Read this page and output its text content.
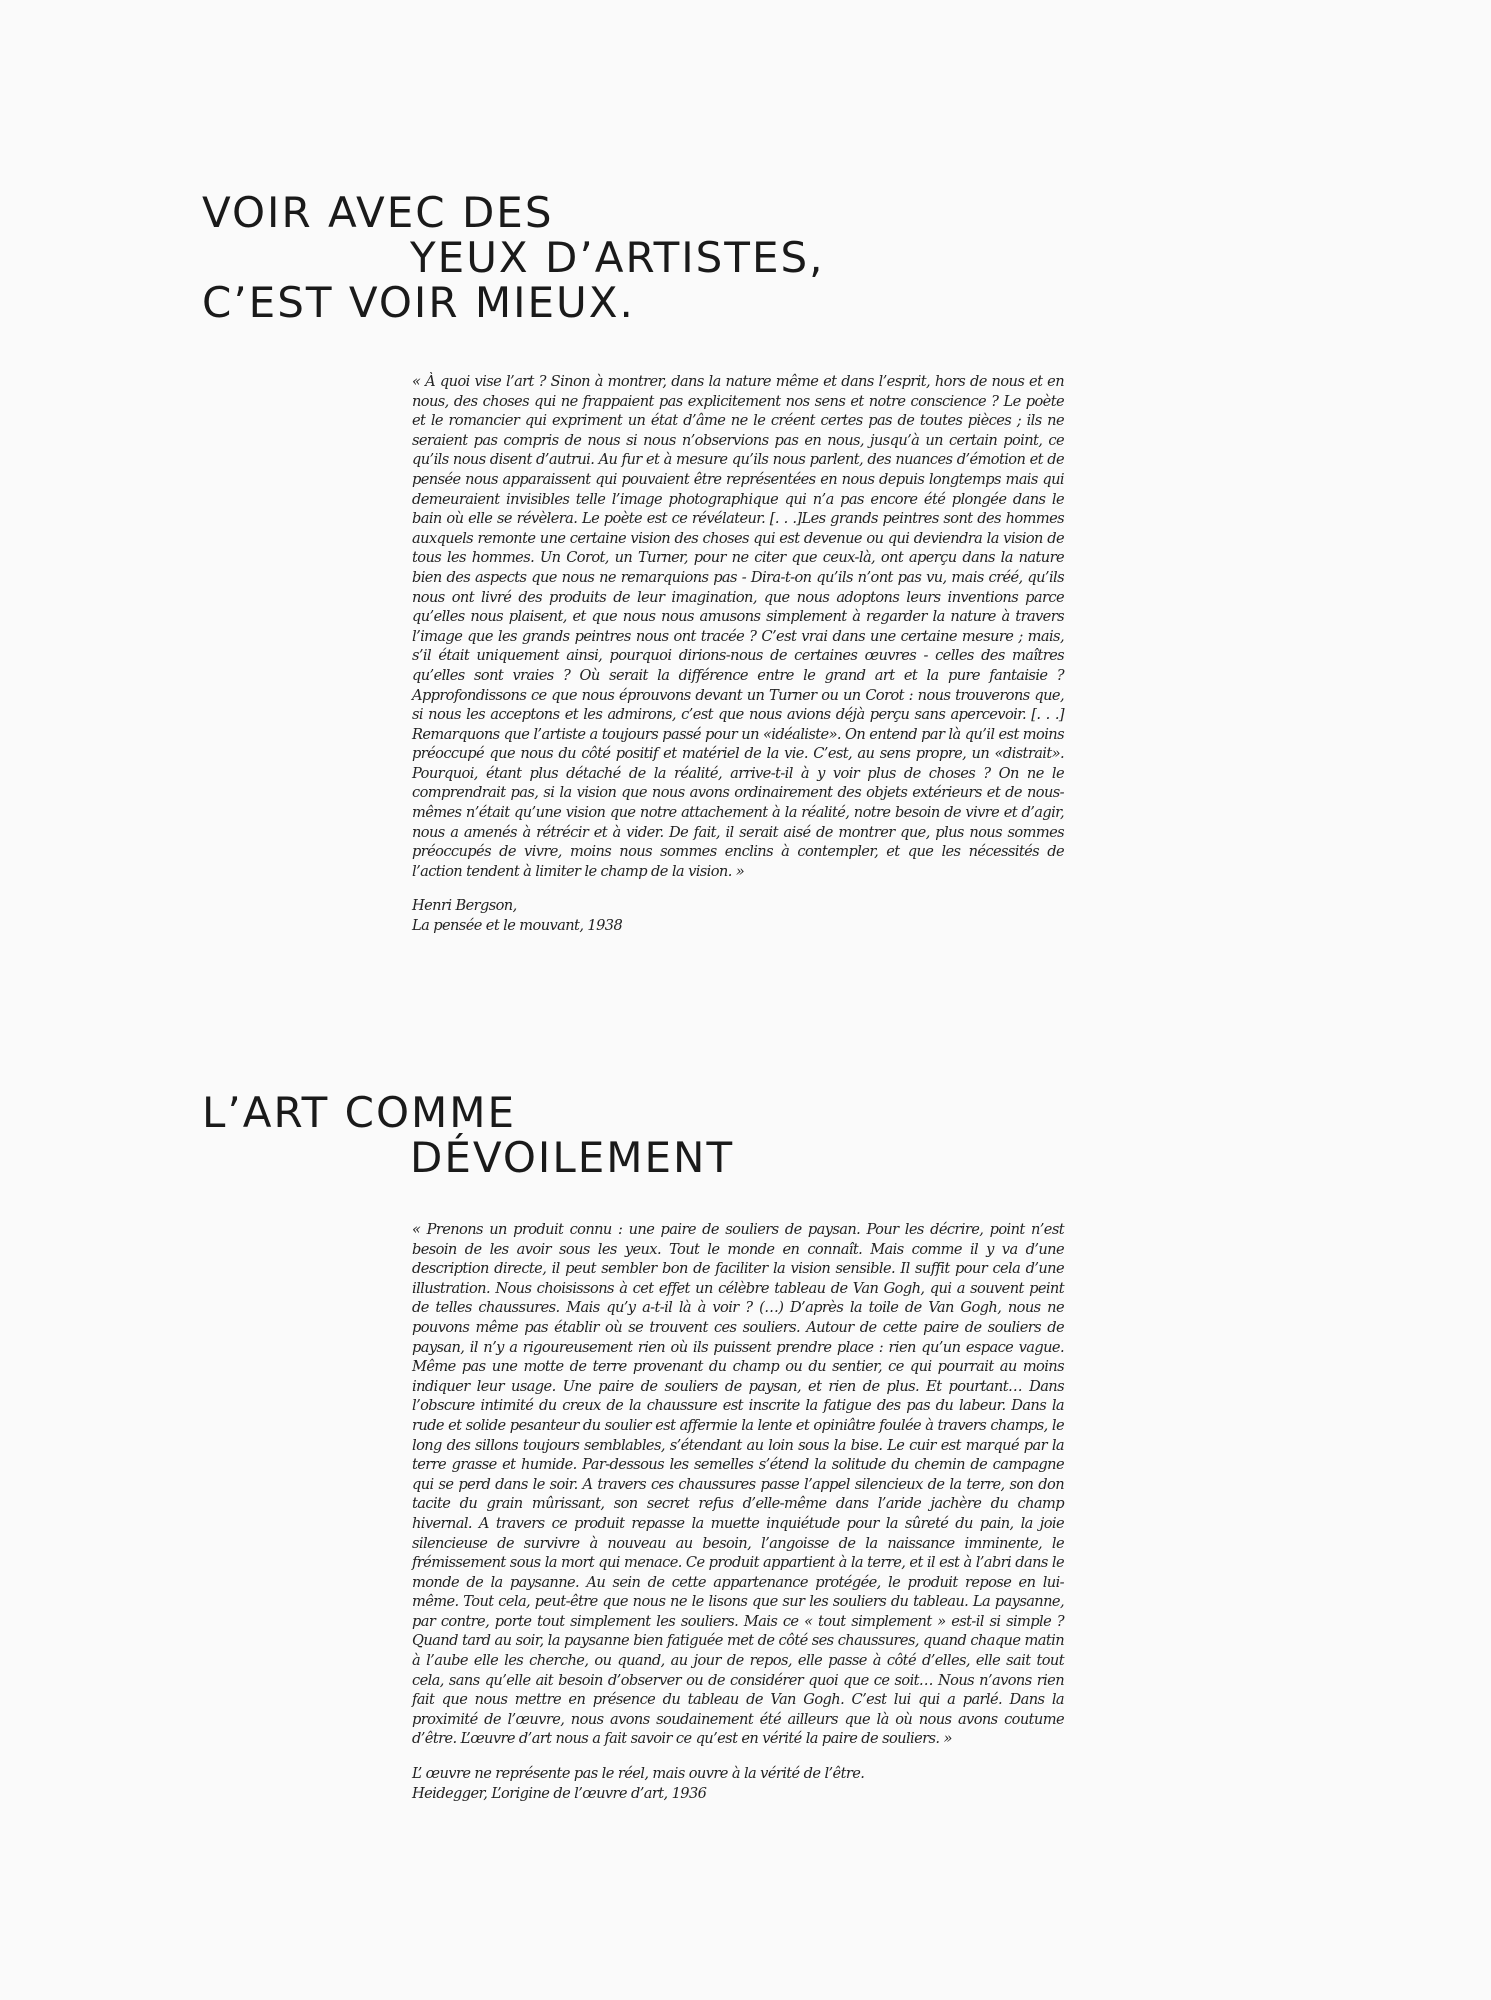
VOIR AVEC DES
YEUX D’ARTISTES,
C’EST VOIR MIEUX.

« À quoi vise l’art ? Sinon à montrer, dans la nature même et dans l’esprit, hors de nous et en nous, des choses qui ne frappaient pas explicitement nos sens et notre conscience ? Le poète et le romancier qui expriment un état d’âme ne le créent certes pas de toutes pièces ; ils ne seraient pas compris de nous si nous n’observions pas en nous, jusqu’à un certain point, ce qu’ils nous disent d’autrui. Au fur et à mesure qu’ils nous parlent, des nuances d’émotion et de pensée nous apparaissent qui pouvaient être représentées en nous depuis longtemps mais qui demeuraient invisibles telle l’image photographique qui n’a pas encore été plongée dans le bain où elle se révèlera. Le poète est ce révélateur. [. . .]Les grands peintres sont des hommes auxquels remonte une certaine vision des choses qui est devenue ou qui deviendra la vision de tous les hommes. Un Corot, un Turner, pour ne citer que ceux-là, ont aperçu dans la nature bien des aspects que nous ne remarquions pas - Dira-t-on qu’ils n’ont pas vu, mais créé, qu’ils nous ont livré des produits de leur imagination, que nous adoptons leurs inventions parce qu’elles nous plaisent, et que nous nous amusons simplement à regarder la nature à travers l’image que les grands peintres nous ont tracée ? C’est vrai dans une certaine mesure ; mais, s’il était uniquement ainsi, pourquoi dirions-nous de certaines œuvres - celles des maîtres qu’elles sont vraies ? Où serait la différence entre le grand art et la pure fantaisie ? Approfondissons ce que nous éprouvons devant un Turner ou un Corot : nous trouverons que, si nous les acceptons et les admirons, c’est que nous avions déjà perçu sans apercevoir. [. . .] Remarquons que l’artiste a toujours passé pour un «idéaliste». On entend par là qu’il est moins préoccupé que nous du côté positif et matériel de la vie. C’est, au sens propre, un «distrait». Pourquoi, étant plus détaché de la réalité, arrive-t-il à y voir plus de choses ? On ne le comprendrait pas, si la vision que nous avons ordinairement des objets extérieurs et de nous-mêmes n’était qu’une vision que notre attachement à la réalité, notre besoin de vivre et d’agir, nous a amenés à rétrécir et à vider. De fait, il serait aisé de montrer que, plus nous sommes préoccupés de vivre, moins nous sommes enclins à contempler, et que les nécessités de l’action tendent à limiter le champ de la vision. »

Henri Bergson,
La pensée et le mouvant, 1938

L’ART COMME
DÉVOILEMENT

« Prenons un produit connu : une paire de souliers de paysan. Pour les décrire, point n’est besoin de les avoir sous les yeux. Tout le monde en connaît. Mais comme il y va d’une description directe, il peut sembler bon de faciliter la vision sensible. Il suffit pour cela d’une illustration. Nous choisissons à cet effet un célèbre tableau de Van Gogh, qui a souvent peint de telles chaussures. Mais qu’y a-t-il là à voir ? (…) D’après la toile de Van Gogh, nous ne pouvons même pas établir où se trouvent ces souliers. Autour de cette paire de souliers de paysan, il n’y a rigoureusement rien où ils puissent prendre place : rien qu’un espace vague. Même pas une motte de terre provenant du champ ou du sentier, ce qui pourrait au moins indiquer leur usage. Une paire de souliers de paysan, et rien de plus. Et pourtant… Dans l’obscure intimité du creux de la chaussure est inscrite la fatigue des pas du labeur. Dans la rude et solide pesanteur du soulier est affermie la lente et opiniâtre foulée à travers champs, le long des sillons toujours semblables, s’étendant au loin sous la bise. Le cuir est marqué par la terre grasse et humide. Par-dessous les semelles s’étend la solitude du chemin de campagne qui se perd dans le soir. A travers ces chaussures passe l’appel silencieux de la terre, son don tacite du grain mûrissant, son secret refus d’elle-même dans l’aride jachère du champ hivernal. A travers ce produit repasse la muette inquiétude pour la sûreté du pain, la joie silencieuse de survivre à nouveau au besoin, l’angoisse de la naissance imminente, le frémissement sous la mort qui menace. Ce produit appartient à la terre, et il est à l’abri dans le monde de la paysanne. Au sein de cette appartenance protégée, le produit repose en lui-même. Tout cela, peut-être que nous ne le lisons que sur les souliers du tableau. La paysanne, par contre, porte tout simplement les souliers. Mais ce « tout simplement » est-il si simple ? Quand tard au soir, la paysanne bien fatiguée met de côté ses chaussures, quand chaque matin à l’aube elle les cherche, ou quand, au jour de repos, elle passe à côté d’elles, elle sait tout cela, sans qu’elle ait besoin d’observer ou de considérer quoi que ce soit… Nous n’avons rien fait que nous mettre en présence du tableau de Van Gogh. C’est lui qui a parlé. Dans la proximité de l’œuvre, nous avons soudainement été ailleurs que là où nous avons coutume d’être. L’œuvre d’art nous a fait savoir ce qu’est en vérité la paire de souliers. »

L’ œuvre ne représente pas le réel, mais ouvre à la vérité de l’être.
Heidegger, L’origine de l’œuvre d’art, 1936
